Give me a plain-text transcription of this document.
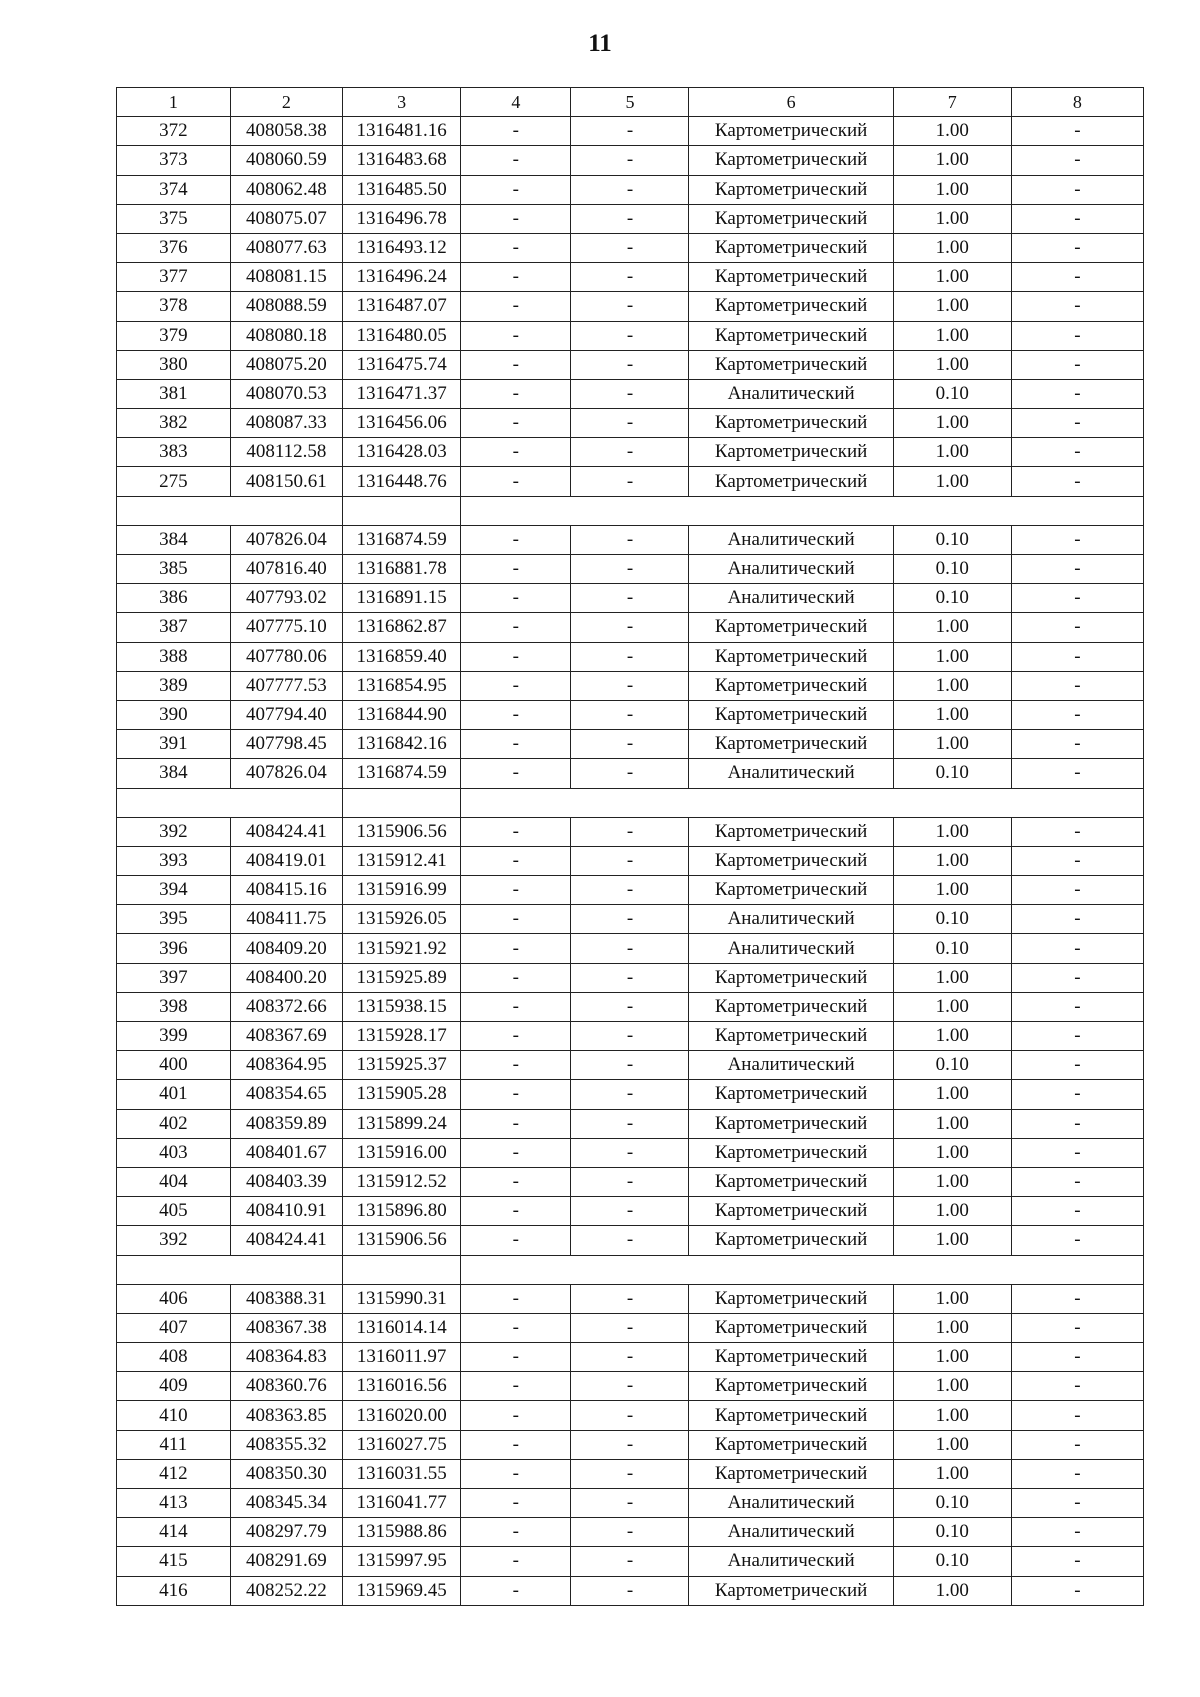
11
1	2	3	4	5	6	7	8
372	408058.38	1316481.16	-	-	Картометрический	1.00	-
373	408060.59	1316483.68	-	-	Картометрический	1.00	-
374	408062.48	1316485.50	-	-	Картометрический	1.00	-
375	408075.07	1316496.78	-	-	Картометрический	1.00	-
376	408077.63	1316493.12	-	-	Картометрический	1.00	-
377	408081.15	1316496.24	-	-	Картометрический	1.00	-
378	408088.59	1316487.07	-	-	Картометрический	1.00	-
379	408080.18	1316480.05	-	-	Картометрический	1.00	-
380	408075.20	1316475.74	-	-	Картометрический	1.00	-
381	408070.53	1316471.37	-	-	Аналитический	0.10	-
382	408087.33	1316456.06	-	-	Картометрический	1.00	-
383	408112.58	1316428.03	-	-	Картометрический	1.00	-
275	408150.61	1316448.76	-	-	Картометрический	1.00	-

384	407826.04	1316874.59	-	-	Аналитический	0.10	-
385	407816.40	1316881.78	-	-	Аналитический	0.10	-
386	407793.02	1316891.15	-	-	Аналитический	0.10	-
387	407775.10	1316862.87	-	-	Картометрический	1.00	-
388	407780.06	1316859.40	-	-	Картометрический	1.00	-
389	407777.53	1316854.95	-	-	Картометрический	1.00	-
390	407794.40	1316844.90	-	-	Картометрический	1.00	-
391	407798.45	1316842.16	-	-	Картометрический	1.00	-
384	407826.04	1316874.59	-	-	Аналитический	0.10	-

392	408424.41	1315906.56	-	-	Картометрический	1.00	-
393	408419.01	1315912.41	-	-	Картометрический	1.00	-
394	408415.16	1315916.99	-	-	Картометрический	1.00	-
395	408411.75	1315926.05	-	-	Аналитический	0.10	-
396	408409.20	1315921.92	-	-	Аналитический	0.10	-
397	408400.20	1315925.89	-	-	Картометрический	1.00	-
398	408372.66	1315938.15	-	-	Картометрический	1.00	-
399	408367.69	1315928.17	-	-	Картометрический	1.00	-
400	408364.95	1315925.37	-	-	Аналитический	0.10	-
401	408354.65	1315905.28	-	-	Картометрический	1.00	-
402	408359.89	1315899.24	-	-	Картометрический	1.00	-
403	408401.67	1315916.00	-	-	Картометрический	1.00	-
404	408403.39	1315912.52	-	-	Картометрический	1.00	-
405	408410.91	1315896.80	-	-	Картометрический	1.00	-
392	408424.41	1315906.56	-	-	Картометрический	1.00	-

406	408388.31	1315990.31	-	-	Картометрический	1.00	-
407	408367.38	1316014.14	-	-	Картометрический	1.00	-
408	408364.83	1316011.97	-	-	Картометрический	1.00	-
409	408360.76	1316016.56	-	-	Картометрический	1.00	-
410	408363.85	1316020.00	-	-	Картометрический	1.00	-
411	408355.32	1316027.75	-	-	Картометрический	1.00	-
412	408350.30	1316031.55	-	-	Картометрический	1.00	-
413	408345.34	1316041.77	-	-	Аналитический	0.10	-
414	408297.79	1315988.86	-	-	Аналитический	0.10	-
415	408291.69	1315997.95	-	-	Аналитический	0.10	-
416	408252.22	1315969.45	-	-	Картометрический	1.00	-
